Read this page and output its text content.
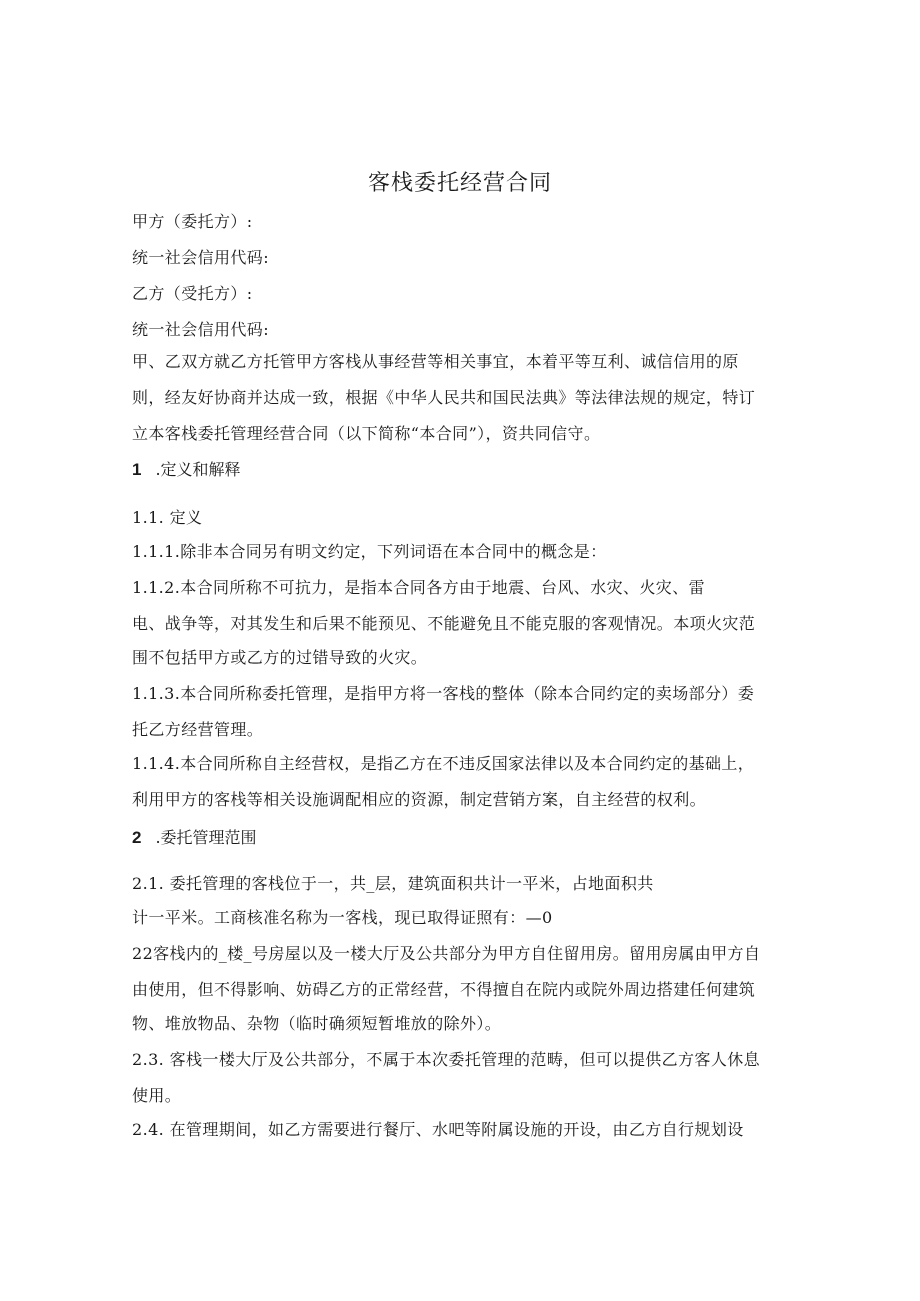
客栈委托经营合同
甲方（委托方）:
统一社会信用代码:
乙方（受托方）:
统一社会信用代码:
甲、乙双方就乙方托管甲方客栈从事经营等相关事宜，本着平等互利、诚信信用的原
则，经友好协商并达成一致，根据《中华人民共和国民法典》等法律法规的规定，特订
立本客栈委托管理经营合同（以下简称“本合同”），资共同信守。
1 .定义和解释
1.1. 定义
1.1.1.除非本合同另有明文约定，下列词语在本合同中的概念是：
1.1.2.本合同所称不可抗力，是指本合同各方由于地震、台风、水灾、火灾、雷
电、战争等，对其发生和后果不能预见、不能避免且不能克服的客观情况。本项火灾范
围不包括甲方或乙方的过错导致的火灾。
1.1.3.本合同所称委托管理，是指甲方将一客栈的整体（除本合同约定的卖场部分）委
托乙方经营管理。
1.1.4.本合同所称自主经营权，是指乙方在不违反国家法律以及本合同约定的基础上，
利用甲方的客栈等相关设施调配相应的资源，制定营销方案，自主经营的权利。
2 .委托管理范围
2.1. 委托管理的客栈位于一，共_层，建筑面积共计一平米，占地面积共
计一平米。工商核准名称为一客栈，现已取得证照有：—0
22客栈内的_楼_号房屋以及一楼大厅及公共部分为甲方自住留用房。留用房属由甲方自
由使用，但不得影响、妨碍乙方的正常经营，不得擅自在院内或院外周边搭建任何建筑
物、堆放物品、杂物（临时确须短暂堆放的除外）。
2.3. 客栈一楼大厅及公共部分，不属于本次委托管理的范畴，但可以提供乙方客人休息
使用。
2.4. 在管理期间，如乙方需要进行餐厅、水吧等附属设施的开设，由乙方自行规划设
